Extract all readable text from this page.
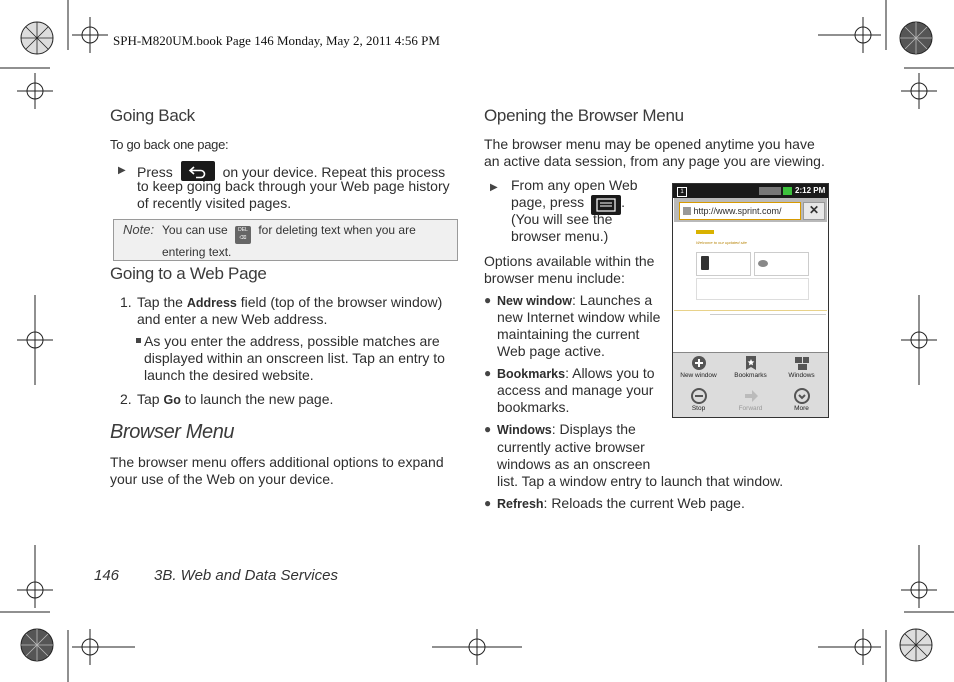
SPH-M820UM.book Page 146 Monday, May 2, 2011 4:56 PM
Going Back
To go back one page:
▶ Press	on your device. Repeat this process
to keep going back through your Web page history
of recently visited pages.
Note: You can use DEL
⌫ for deleting text when you are
entering text.
Going to a Web Page
1. Tap the Address field (top of the browser window)
and enter a new Web address.
As you enter the address, possible matches are
displayed within an onscreen list. Tap an entry to
launch the desired website.
2. Tap Go to launch the new page.
Browser Menu
The browser menu offers additional options to expand
your use of the Web on your device.
Opening the Browser Menu
The browser menu may be opened anytime you have
an active data session, from any page you are viewing.
▶ From any open Web
page, press	.
(You will see the
browser menu.)
Options available within the
browser menu include:
● New window: Launches a
new Internet window while
maintaining the current
Web page active.
● Bookmarks: Allows you to
access and manage your
bookmarks.
● Windows: Displays the
currently active browser
windows as an onscreen
list. Tap a window entry to launch that window.
● Refresh: Reloads the current Web page.
1	2:12 PM
http://www.sprint.com/	✕
Welcome to our updated site
New window	Bookmarks	Windows
Stop	Forward	More
146 3B. Web and Data Services
